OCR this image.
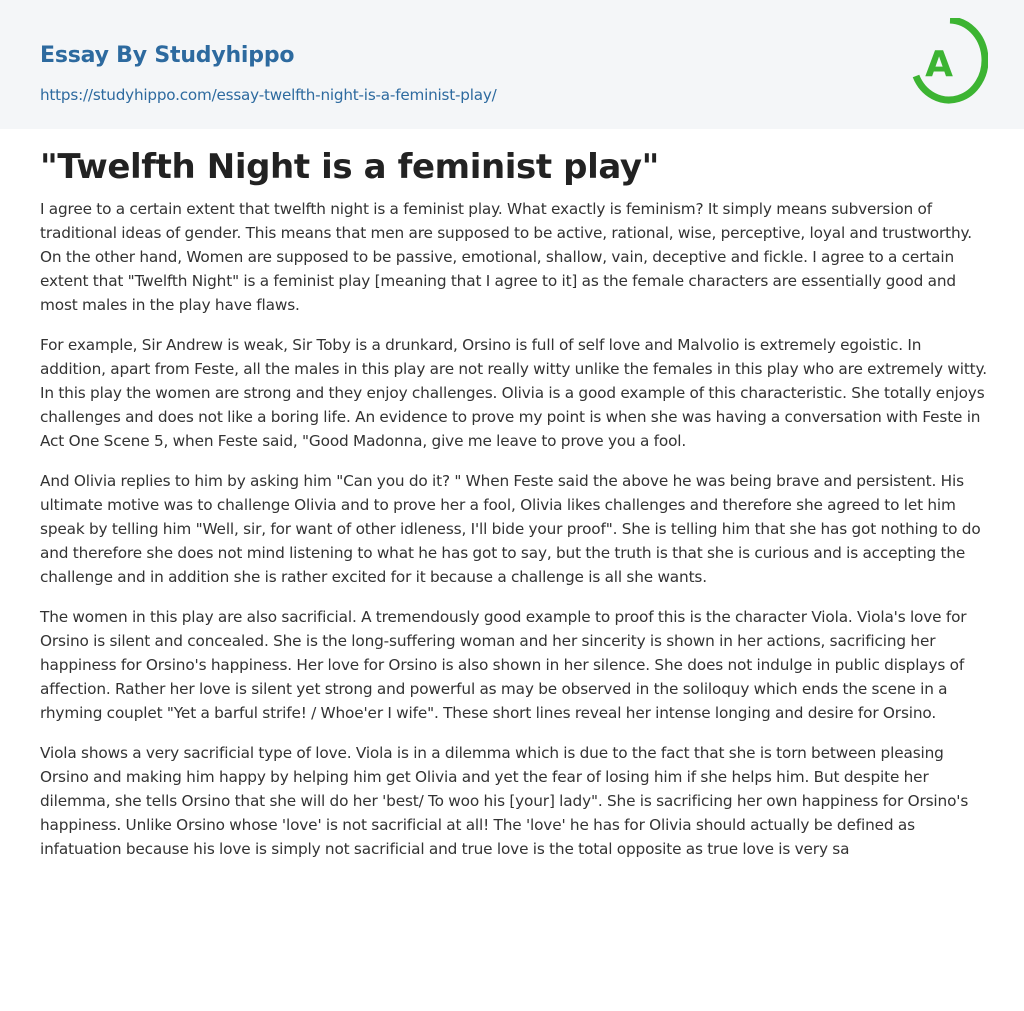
Essay By Studyhippo
https://studyhippo.com/essay-twelfth-night-is-a-feminist-play/
A
"Twelfth Night is a feminist play"

I agree to a certain extent that twelfth night is a feminist play. What exactly is feminism? It simply means subversion of traditional ideas of gender. This means that men are supposed to be active, rational, wise, perceptive, loyal and trustworthy. On the other hand, Women are supposed to be passive, emotional, shallow, vain, deceptive and fickle. I agree to a certain extent that "Twelfth Night" is a feminist play [meaning that I agree to it] as the female characters are essentially good and most males in the play have flaws.

For example, Sir Andrew is weak, Sir Toby is a drunkard, Orsino is full of self love and Malvolio is extremely egoistic. In addition, apart from Feste, all the males in this play are not really witty unlike the females in this play who are extremely witty. In this play the women are strong and they enjoy challenges. Olivia is a good example of this characteristic. She totally enjoys challenges and does not like a boring life. An evidence to prove my point is when she was having a conversation with Feste in Act One Scene 5, when Feste said, "Good Madonna, give me leave to prove you a fool.

And Olivia replies to him by asking him "Can you do it? " When Feste said the above he was being brave and persistent. His ultimate motive was to challenge Olivia and to prove her a fool, Olivia likes challenges and therefore she agreed to let him speak by telling him "Well, sir, for want of other idleness, I'll bide your proof". She is telling him that she has got nothing to do and therefore she does not mind listening to what he has got to say, but the truth is that she is curious and is accepting the challenge and in addition she is rather excited for it because a challenge is all she wants.

The women in this play are also sacrificial. A tremendously good example to proof this is the character Viola. Viola's love for Orsino is silent and concealed. She is the long-suffering woman and her sincerity is shown in her actions, sacrificing her happiness for Orsino's happiness. Her love for Orsino is also shown in her silence. She does not indulge in public displays of affection. Rather her love is silent yet strong and powerful as may be observed in the soliloquy which ends the scene in a rhyming couplet "Yet a barful strife! / Whoe'er I wife". These short lines reveal her intense longing and desire for Orsino.

Viola shows a very sacrificial type of love. Viola is in a dilemma which is due to the fact that she is torn between pleasing Orsino and making him happy by helping him get Olivia and yet the fear of losing him if she helps him. But despite her dilemma, she tells Orsino that she will do her 'best/ To woo his [your] lady". She is sacrificing her own happiness for Orsino's happiness. Unlike Orsino whose 'love' is not sacrificial at all! The 'love' he has for Olivia should actually be defined as infatuation because his love is simply not sacrificial and true love is the total opposite as true love is very sa
